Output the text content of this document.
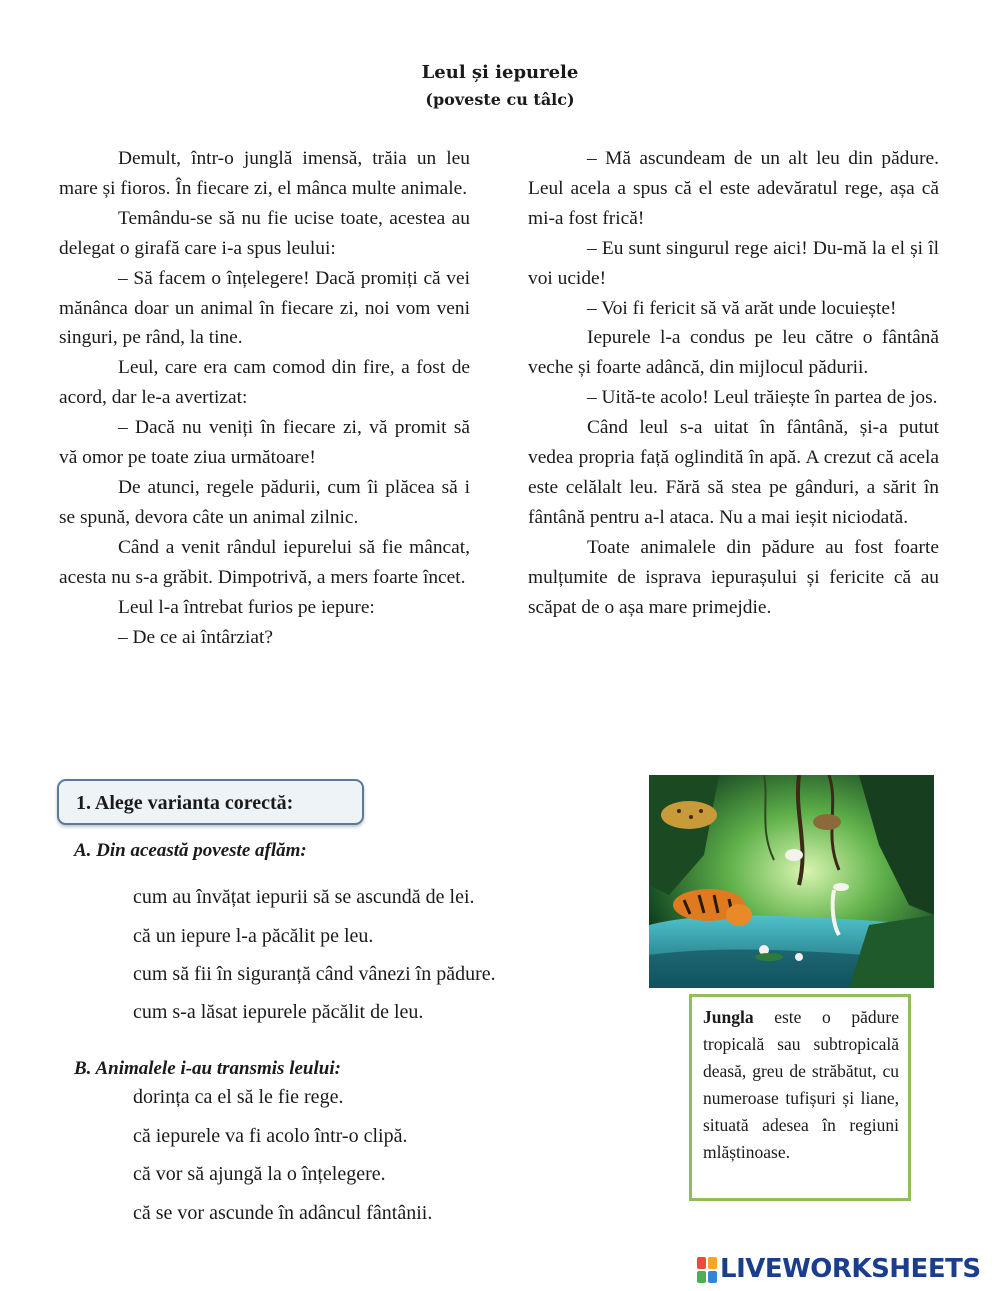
Leul și iepurele
(poveste cu tâlc)

Demult, într-o junglă imensă, trăia un leu mare și fioros. În fiecare zi, el mânca multe animale.

Temându-se să nu fie ucise toate, acestea au delegat o girafă care i-a spus leului:

– Să facem o înțelegere! Dacă promiți că vei mănânca doar un animal în fiecare zi, noi vom veni singuri, pe rând, la tine.

Leul, care era cam comod din fire, a fost de acord, dar le-a avertizat:

– Dacă nu veniți în fiecare zi, vă promit să vă omor pe toate ziua următoare!

De atunci, regele pădurii, cum îi plăcea să i se spună, devora câte un animal zilnic.

Când a venit rândul iepurelui să fie mâncat, acesta nu s-a grăbit. Dimpotrivă, a mers foarte încet.

Leul l-a întrebat furios pe iepure:

– De ce ai întârziat?

– Mă ascundeam de un alt leu din pădure. Leul acela a spus că el este adevăratul rege, așa că mi-a fost frică!

– Eu sunt singurul rege aici! Du-mă la el și îl voi ucide!

– Voi fi fericit să vă arăt unde locuiește!

Iepurele l-a condus pe leu către o fântână veche și foarte adâncă, din mijlocul pădurii.

– Uită-te acolo! Leul trăiește în partea de jos.

Când leul s-a uitat în fântână, și-a putut vedea propria față oglindită în apă. A crezut că acela este celălalt leu. Fără să stea pe gânduri, a sărit în fântână pentru a-l ataca. Nu a mai ieșit niciodată.

Toate animalele din pădure au fost foarte mulțumite de isprava iepurașului și fericite că au scăpat de o așa mare primejdie.

1. Alege varianta corectă:
A. Din această poveste aflăm:
cum au învățat iepurii să se ascundă de lei.
că un iepure l-a păcălit pe leu.
cum să fii în siguranță când vânezi în pădure.
cum s-a lăsat iepurele păcălit de leu.
B. Animalele i-au transmis leului:
dorința ca el să le fie rege.
că iepurele va fi acolo într-o clipă.
că vor să ajungă la o înțelegere.
că se vor ascunde în adâncul fântânii.
Jungla este o pădure tropicală sau subtropicală deasă, greu de străbătut, cu numeroase tufișuri și liane, situată adesea în regiuni mlăștinoase.
LIVEWORKSHEETS
